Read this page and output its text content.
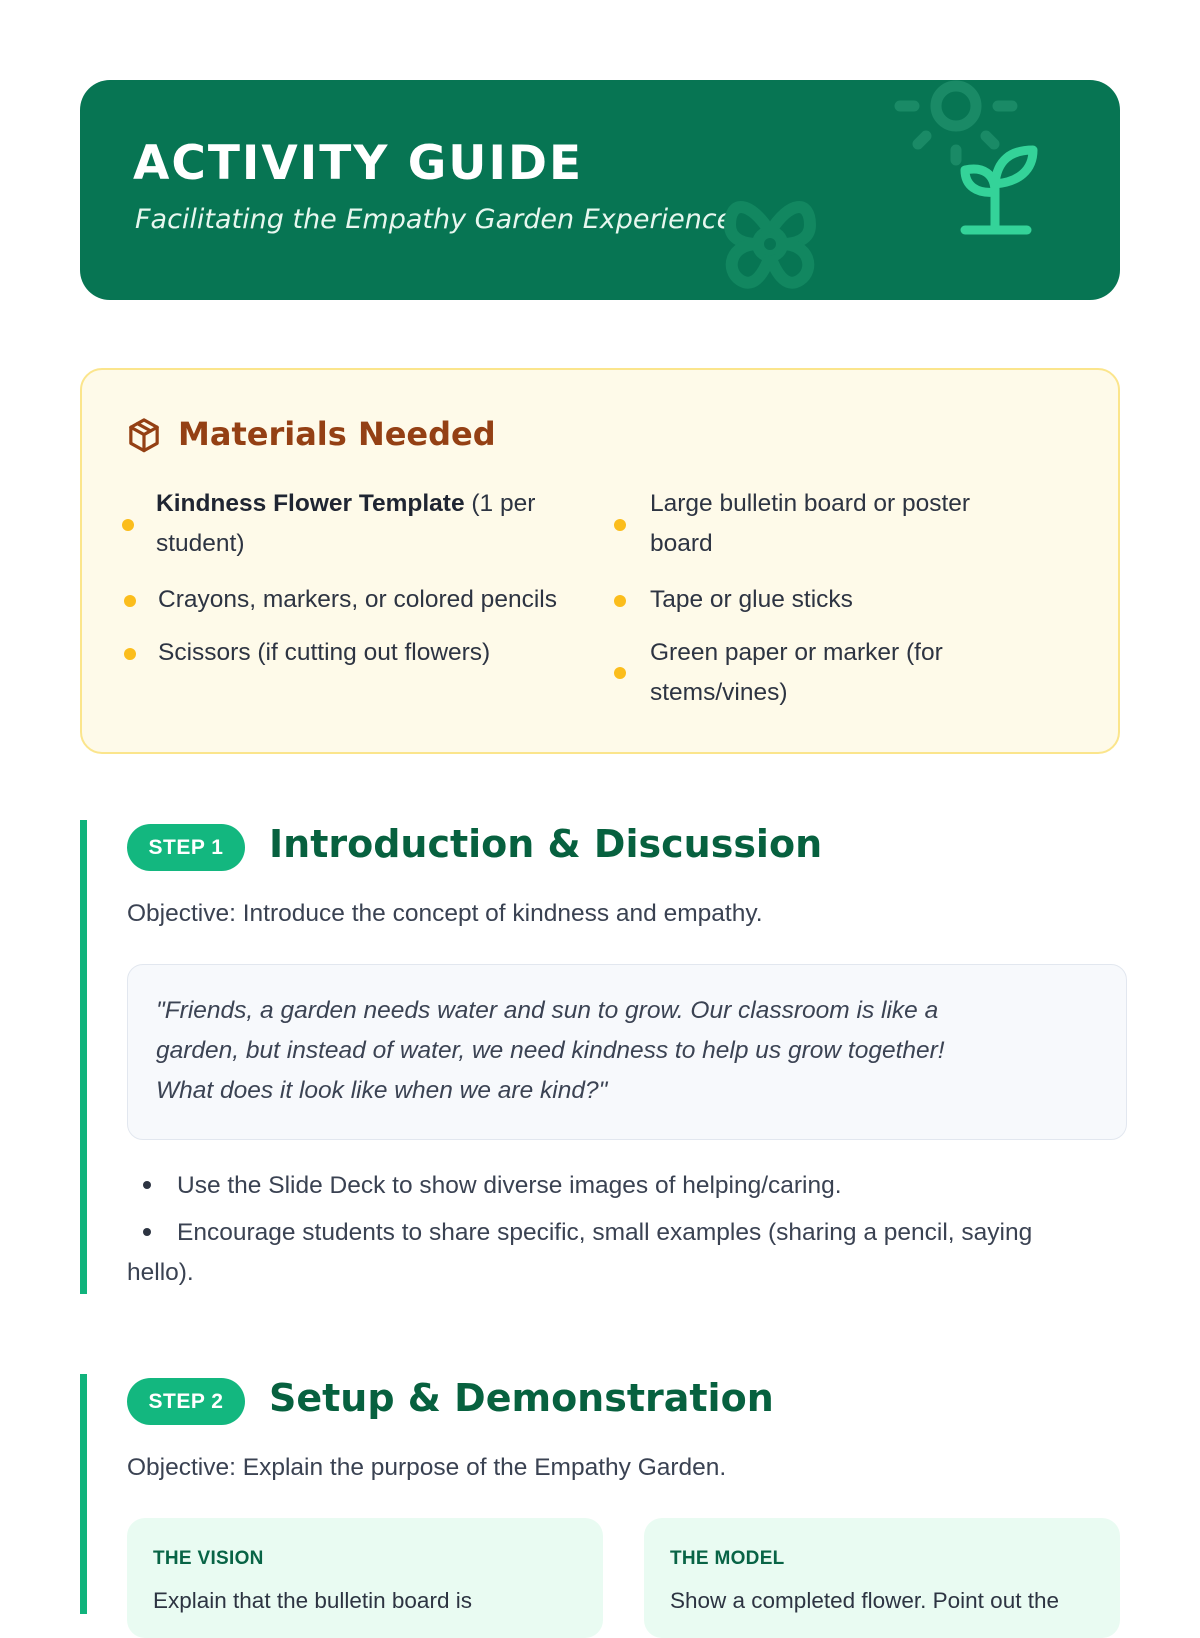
ACTIVITY GUIDE
Facilitating the Empathy Garden Experience
Materials Needed
Kindness Flower Template (1 per
student)
Crayons, markers, or colored pencils
Scissors (if cutting out flowers)
Large bulletin board or poster
board
Tape or glue sticks
Green paper or marker (for
stems/vines)
STEP 1	Introduction & Discussion
Objective: Introduce the concept of kindness and empathy.
"Friends, a garden needs water and sun to grow. Our classroom is like a
garden, but instead of water, we need kindness to help us grow together!
What does it look like when we are kind?"
Use the Slide Deck to show diverse images of helping/caring.
Encourage students to share specific, small examples (sharing a pencil, saying
hello).
STEP 2	Setup & Demonstration
Objective: Explain the purpose of the Empathy Garden.
THE VISION
Explain that the bulletin board is
THE MODEL
Show a completed flower. Point out the
